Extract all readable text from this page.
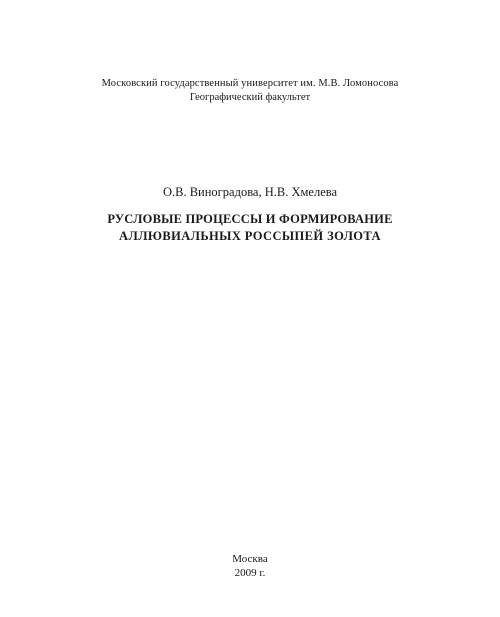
Московский государственный университет им. М.В. Ломоносова
Географический факультет
О.В. Виноградова, Н.В. Хмелева
РУСЛОВЫЕ ПРОЦЕССЫ И ФОРМИРОВАНИЕ
АЛЛЮВИАЛЬНЫХ РОССЫПЕЙ ЗОЛОТА
Москва
2009 г.
